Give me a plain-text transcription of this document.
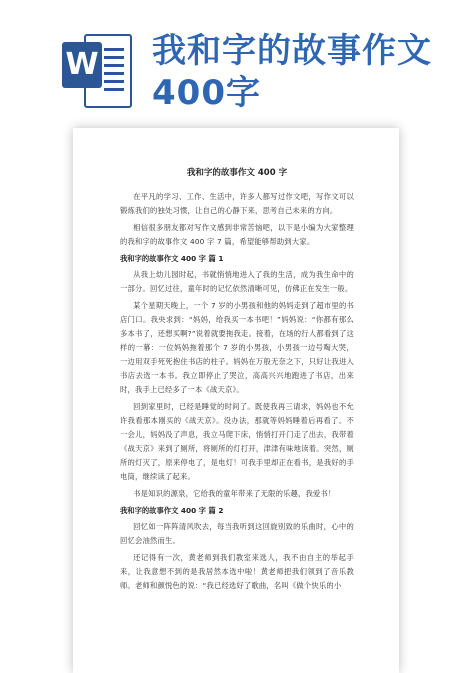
W 我和字的故事作文
400字
我和字的故事作文 400 字
在平凡的学习、工作、生活中，许多人都写过作文吧，写作文可以锻炼我们的独处习惯，让自己的心静下来，思考自己未来的方向。
相信很多朋友都对写作文感到非常苦恼吧，以下是小编为大家整理的我和字的故事作文 400 字 7 篇，希望能够帮助到大家。
我和字的故事作文 400 字 篇 1
从我上幼儿园时起，书就悄悄地进入了我的生活，成为我生命中的一部分。回忆过往，童年时的记忆依然清晰可见，仿佛正在发生一般。
某个星期天晚上，一个 7 岁的小男孩和他的妈妈走到了超市里的书店门口。我央求到：“妈妈，给我买一本书吧！”妈妈说：“你都有那么多本书了，还想买啊?”说着就要拖我走。接着，在场的行人都看到了这样的一幕：一位妈妈拖着那个 7 岁的小男孩，小男孩一边号啕大哭，一边用双手死死抱住书店的柱子。妈妈在万般无奈之下，只好让我进入书店去选一本书。我立即停止了哭泣，高高兴兴地跑进了书店，出来时，我手上已经多了一本《战天京》。
回到家里时，已经是睡觉的时间了。既使我再三请求，妈妈也不允许我看那本刚买的《战天京》。没办法，那就等妈妈睡着后再看了。不一会儿，妈妈没了声息，我立马爬下床，悄悄打开门走了出去，我带着《战天京》来到了厕所，将厕所的灯打开，津津有味地读着。突然，厕所的灯灭了，原来停电了，是电灯！可我手里却正在看书，是我好的手电筒，继续读了起来。
书是知识的源泉，它给我的童年带来了无限的乐趣，我爱书！
我和字的故事作文 400 字 篇 2
回忆如一阵阵清风吹去，每当我听到这回旋别致的乐曲时，心中的回忆会油然而生。
还记得有一次，黄老师到我们教室来选人，我不由自主的举起手来，让我意想不到的是我居然本选中啦！黄老师把我们领到了音乐教师。老师和颜悦色的说：“我已经选好了歌曲，名叫《做个快乐的小
